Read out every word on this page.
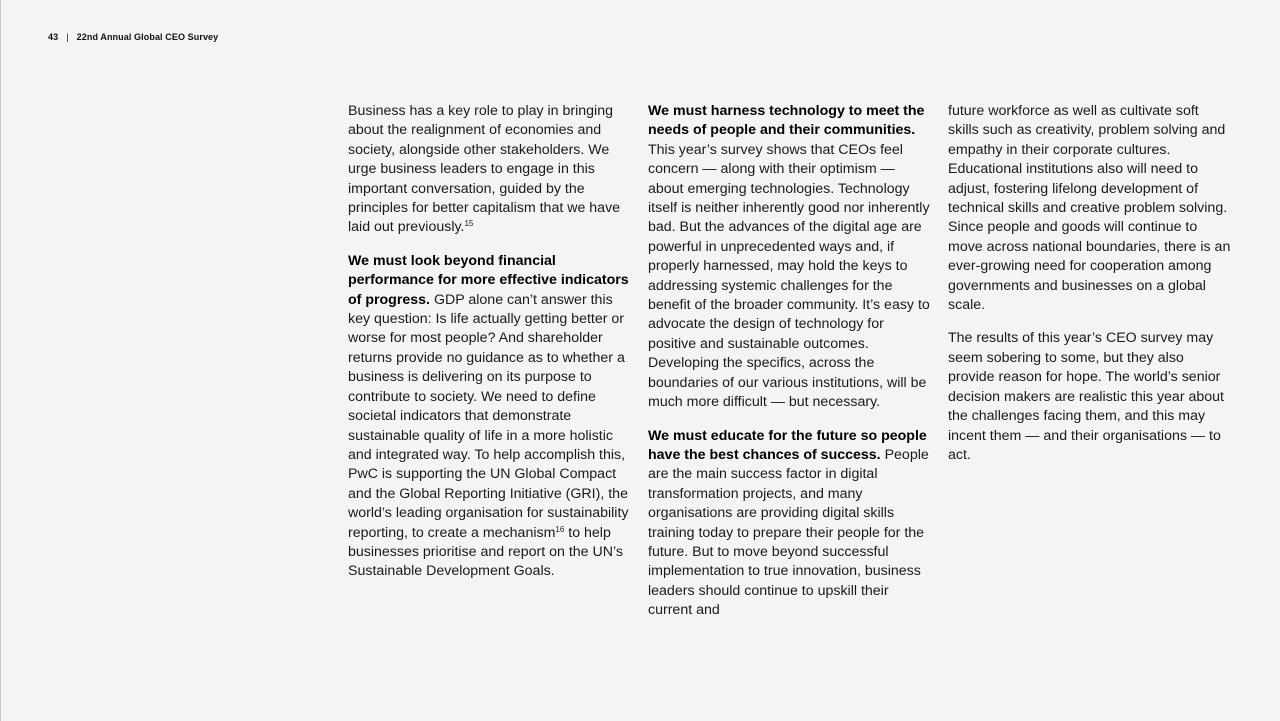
43 | 22nd Annual Global CEO Survey

Business has a key role to play in bringing about the realignment of economies and society, alongside other stakeholders. We urge business leaders to engage in this important conversation, guided by the principles for better capitalism that we have laid out previously.$^{15}$

We must look beyond financial performance for more effective indicators of progress. GDP alone can’t answer this key question: Is life actually getting better or worse for most people? And shareholder returns provide no guidance as to whether a business is delivering on its purpose to contribute to society. We need to define societal indicators that demonstrate sustainable quality of life in a more holistic and integrated way. To help accomplish this, PwC is supporting the UN Global Compact and the Global Reporting Initiative (GRI), the world’s leading organisation for sustainability reporting, to create a mechanism$^{16}$ to help businesses prioritise and report on the UN’s Sustainable Development Goals.

We must harness technology to meet the needs of people and their communities. This year’s survey shows that CEOs feel concern — along with their optimism — about emerging technologies. Technology itself is neither inherently good nor inherently bad. But the advances of the digital age are powerful in unprecedented ways and, if properly harnessed, may hold the keys to addressing systemic challenges for the benefit of the broader community. It’s easy to advocate the design of technology for positive and sustainable outcomes. Developing the specifics, across the boundaries of our various institutions, will be much more difficult — but necessary.

We must educate for the future so people have the best chances of success. People are the main success factor in digital transformation projects, and many organisations are providing digital skills training today to prepare their people for the future. But to move beyond successful implementation to true innovation, business leaders should continue to upskill their current and

future workforce as well as cultivate soft skills such as creativity, problem solving and empathy in their corporate cultures. Educational institutions also will need to adjust, fostering lifelong development of technical skills and creative problem solving. Since people and goods will continue to move across national boundaries, there is an ever-growing need for cooperation among governments and businesses on a global scale.

The results of this year’s CEO survey may seem sobering to some, but they also provide reason for hope. The world’s senior decision makers are realistic this year about the challenges facing them, and this may incent them — and their organisations — to act.
